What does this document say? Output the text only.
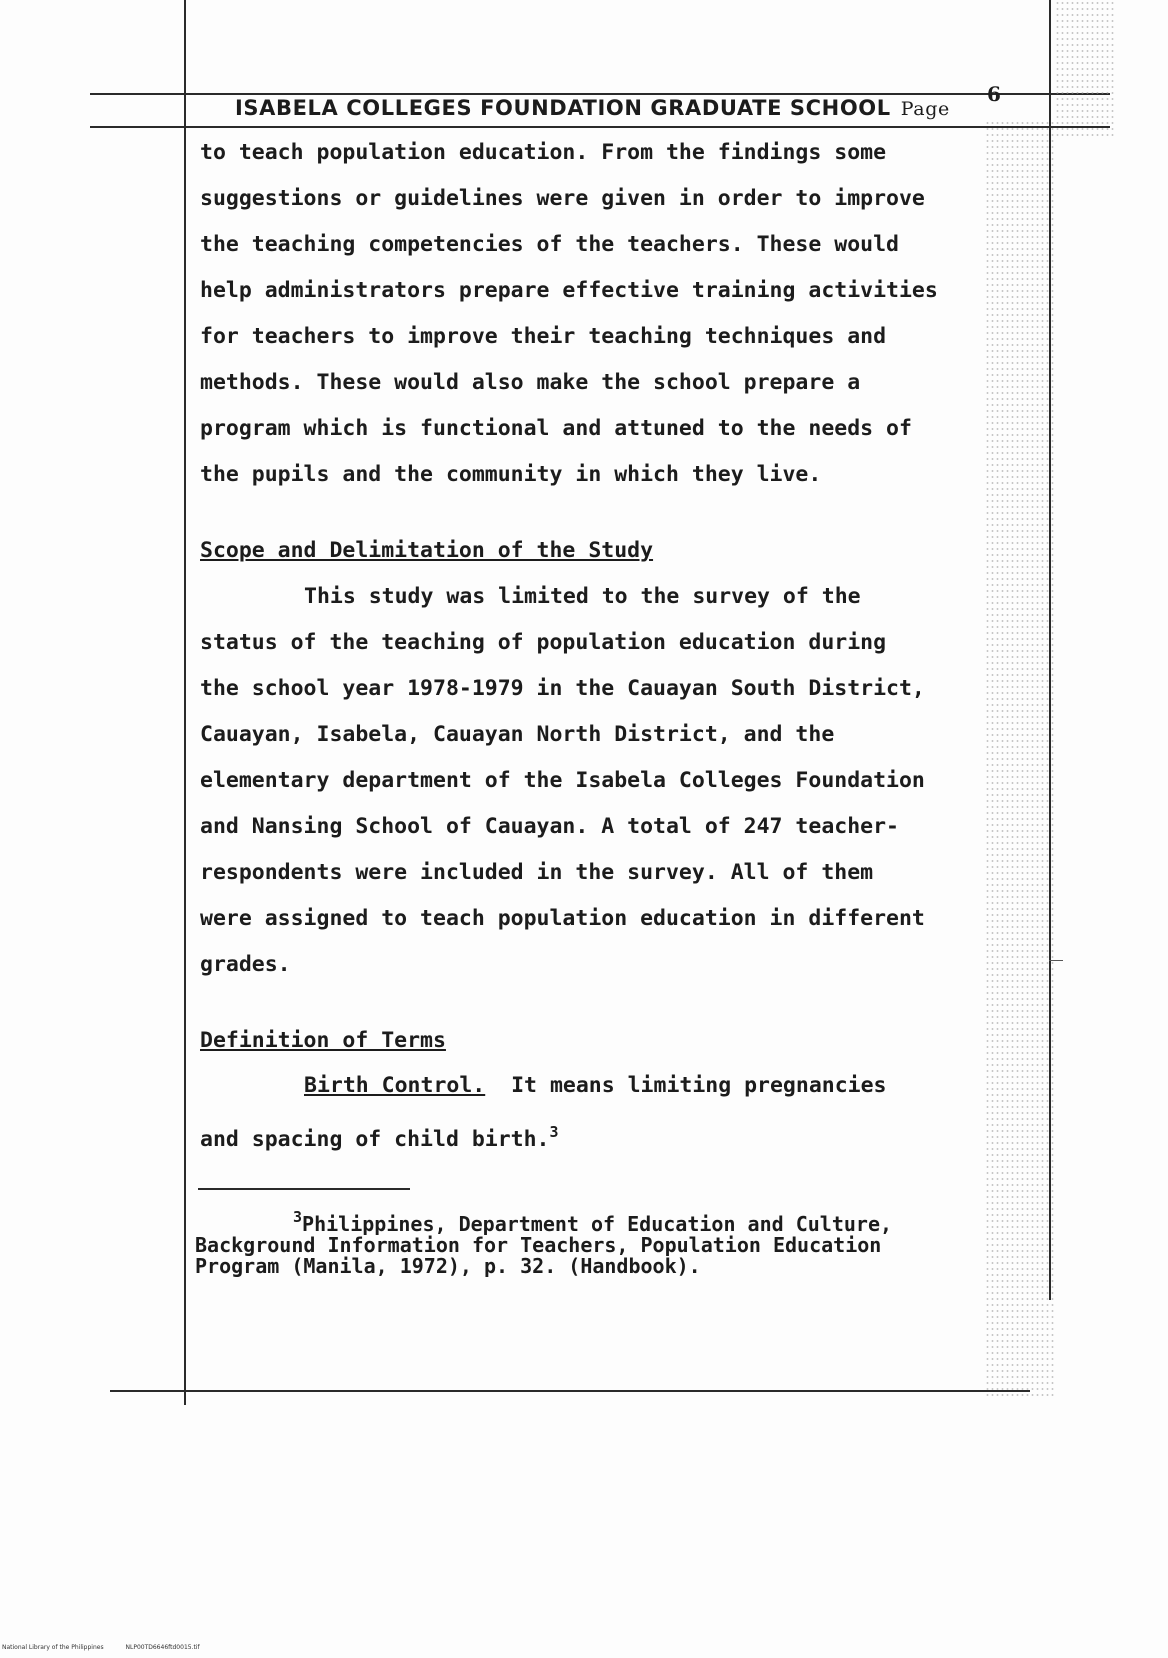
ISABELA COLLEGES FOUNDATION GRADUATE SCHOOL Page
6
to teach population education. From the findings some
suggestions or guidelines were given in order to improve
the teaching competencies of the teachers. These would
help administrators prepare effective training activities
for teachers to improve their teaching techniques and
methods. These would also make the school prepare a
program which is functional and attuned to the needs of
the pupils and the community in which they live.
Scope and Delimitation of the Study
This study was limited to the survey of the
status of the teaching of population education during
the school year 1978-1979 in the Cauayan South District,
Cauayan, Isabela, Cauayan North District, and the
elementary department of the Isabela Colleges Foundation
and Nansing School of Cauayan. A total of 247 teacher-
respondents were included in the survey. All of them
were assigned to teach population education in different
grades.
Definition of Terms
Birth Control. It means limiting pregnancies
and spacing of child birth.$^3$
$^3$Philippines, Department of Education and Culture,
Background Information for Teachers, Population Education
Program (Manila, 1972), p. 32. (Handbook).
National Library of the Philippines	NLP00TD6646ftd0015.tif
